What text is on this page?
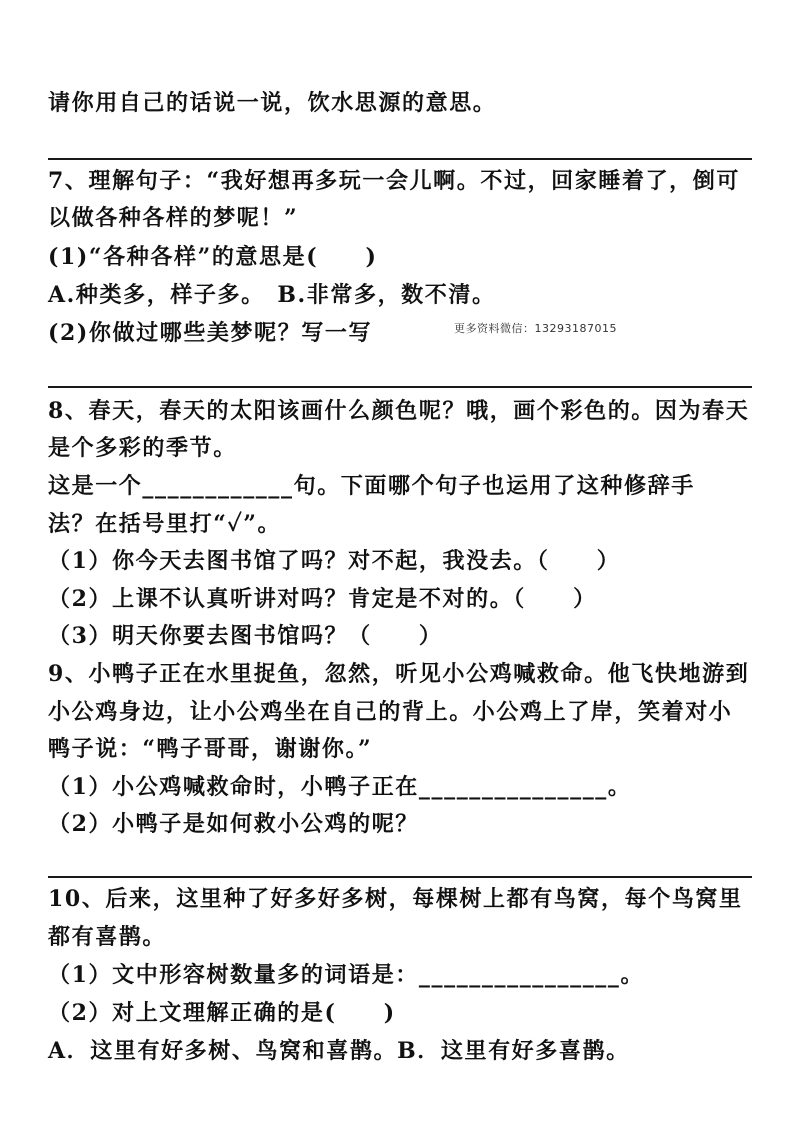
请你用自己的话说一说，饮水思源的意思。
7、理解句子：“我好想再多玩一会儿啊。不过，回家睡着了，倒可
以做各种各样的梦呢！”
(1)“各种各样”的意思是(　　)
A.种类多，样子多。　B.非常多，数不清。
(2)你做过哪些美梦呢？写一写	更多资料微信：13293187015
8、春天，春天的太阳该画什么颜色呢？哦，画个彩色的。因为春天
是个多彩的季节。
这是一个____________句。下面哪个句子也运用了这种修辞手
法？在括号里打“✓”。
（1）你今天去图书馆了吗？对不起，我没去。（　　）
（2）上课不认真听讲对吗？肯定是不对的。（　　）
（3）明天你要去图书馆吗？（　　）
9、小鸭子正在水里捉鱼，忽然，听见小公鸡喊救命。他飞快地游到
小公鸡身边，让小公鸡坐在自己的背上。小公鸡上了岸，笑着对小
鸭子说：“鸭子哥哥，谢谢你。”
（1）小公鸡喊救命时，小鸭子正在_______________。
（2）小鸭子是如何救小公鸡的呢？
10、后来，这里种了好多好多树，每棵树上都有鸟窝，每个鸟窝里
都有喜鹊。
（1）文中形容树数量多的词语是：________________。
（2）对上文理解正确的是(　　)
A．这里有好多树、鸟窝和喜鹊。B．这里有好多喜鹊。
